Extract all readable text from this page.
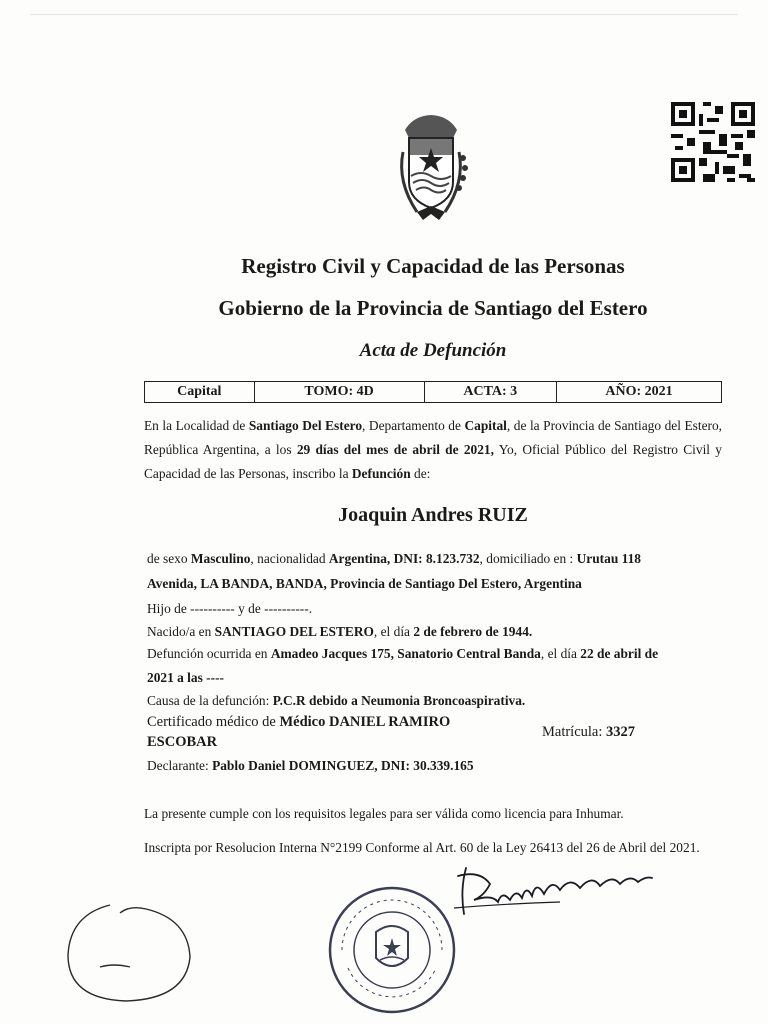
Registro Civil y Capacidad de las Personas
Gobierno de la Provincia de Santiago del Estero
Acta de Defunción
Capital	TOMO: 4D	ACTA: 3	AÑO: 2021
En la Localidad de Santiago Del Estero, Departamento de Capital, de la Provincia de Santiago del Estero, República Argentina, a los 29 días del mes de abril de 2021, Yo, Oficial Público del Registro Civil y Capacidad de las Personas, inscribo la Defunción de:
Joaquin Andres RUIZ
de sexo Masculino, nacionalidad Argentina, DNI: 8.123.732, domiciliado en : Urutau 118
Avenida, LA BANDA, BANDA, Provincia de Santiago Del Estero, Argentina
Hijo de ---------- y de ----------.
Nacido/a en SANTIAGO DEL ESTERO, el día 2 de febrero de 1944.
Defunción ocurrida en Amadeo Jacques 175, Sanatorio Central Banda, el día 22 de abril de
2021 a las ----
Causa de la defunción: P.C.R debido a Neumonia Broncoaspirativa.
Certificado médico de Médico DANIEL RAMIRO
ESCOBAR
Matrícula: 3327
Declarante: Pablo Daniel DOMINGUEZ, DNI: 30.339.165
La presente cumple con los requisitos legales para ser válida como licencia para Inhumar.
Inscripta por Resolucion Interna N°2199 Conforme al Art. 60 de la Ley 26413 del 26 de Abril del 2021.
